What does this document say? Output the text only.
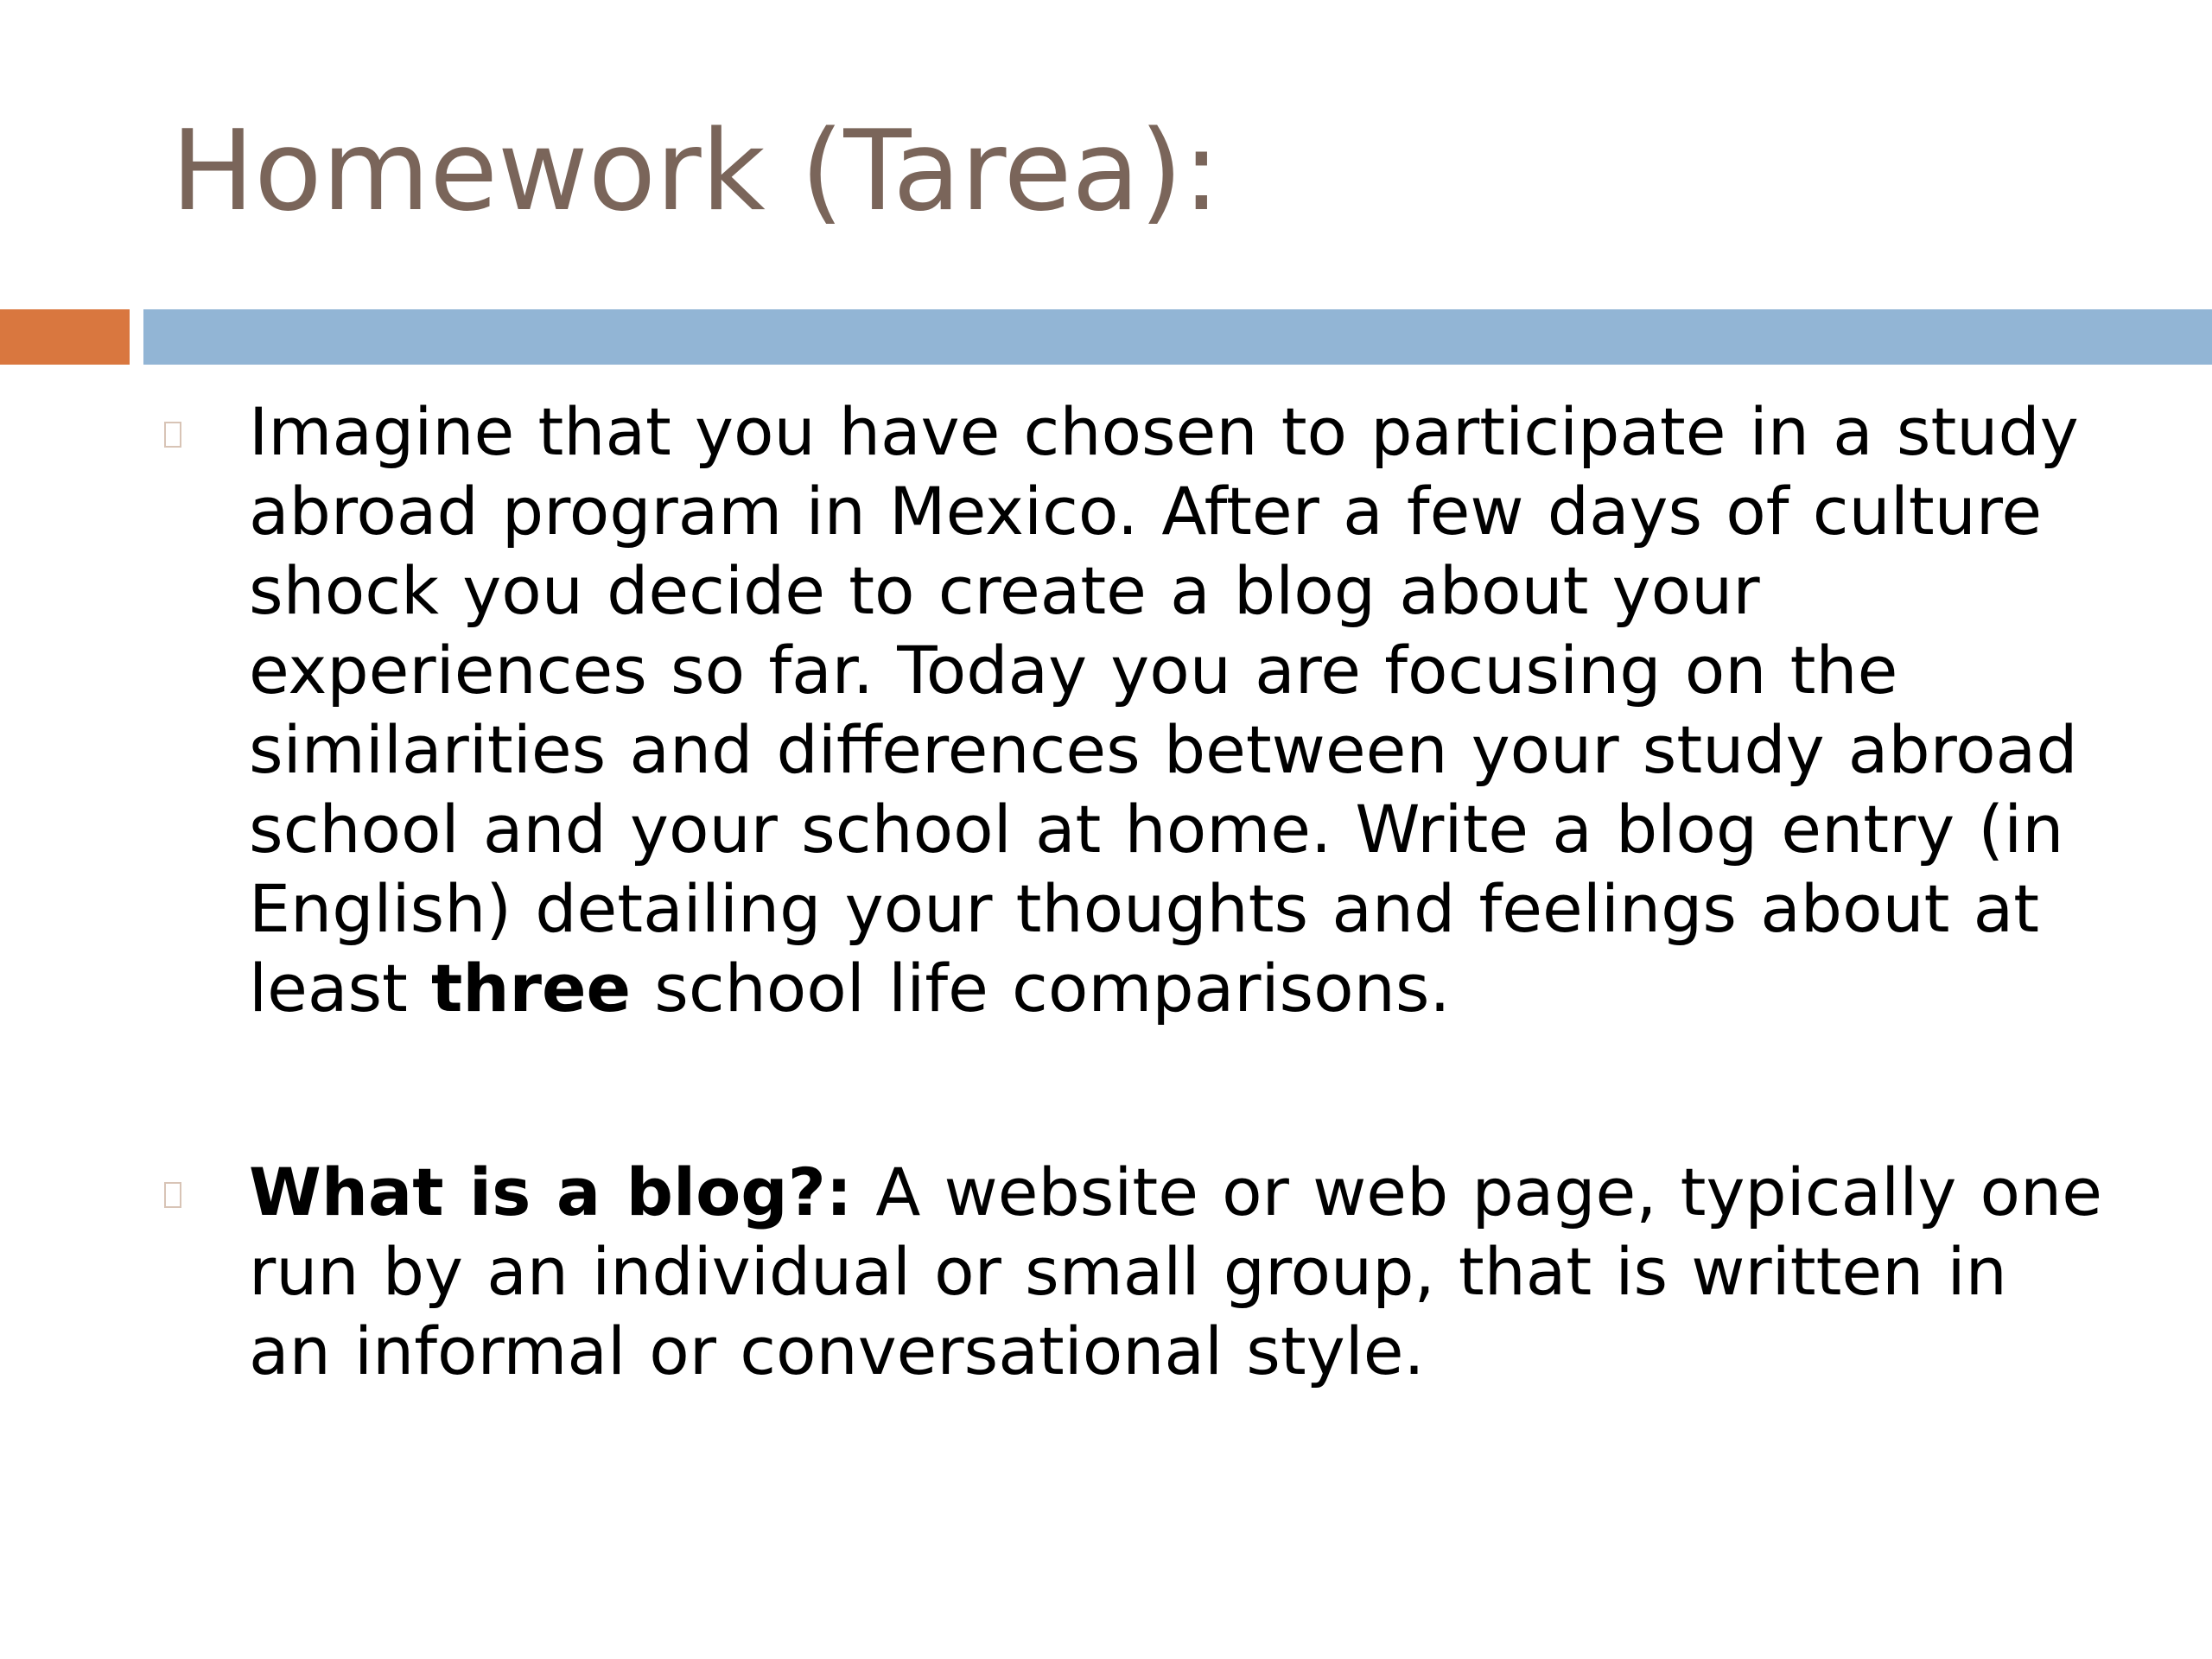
Homework (Tarea):

Imagine that you have chosen to participate in a study abroad program in Mexico. After a few days of culture shock you decide to create a blog about your experiences so far. Today you are focusing on the similarities and differences between your study abroad school and your school at home. Write a blog entry (in English) detailing your thoughts and feelings about at least three school life comparisons.

What is a blog?: A website or web page, typically one run by an individual or small group, that is written in an informal or conversational style.
